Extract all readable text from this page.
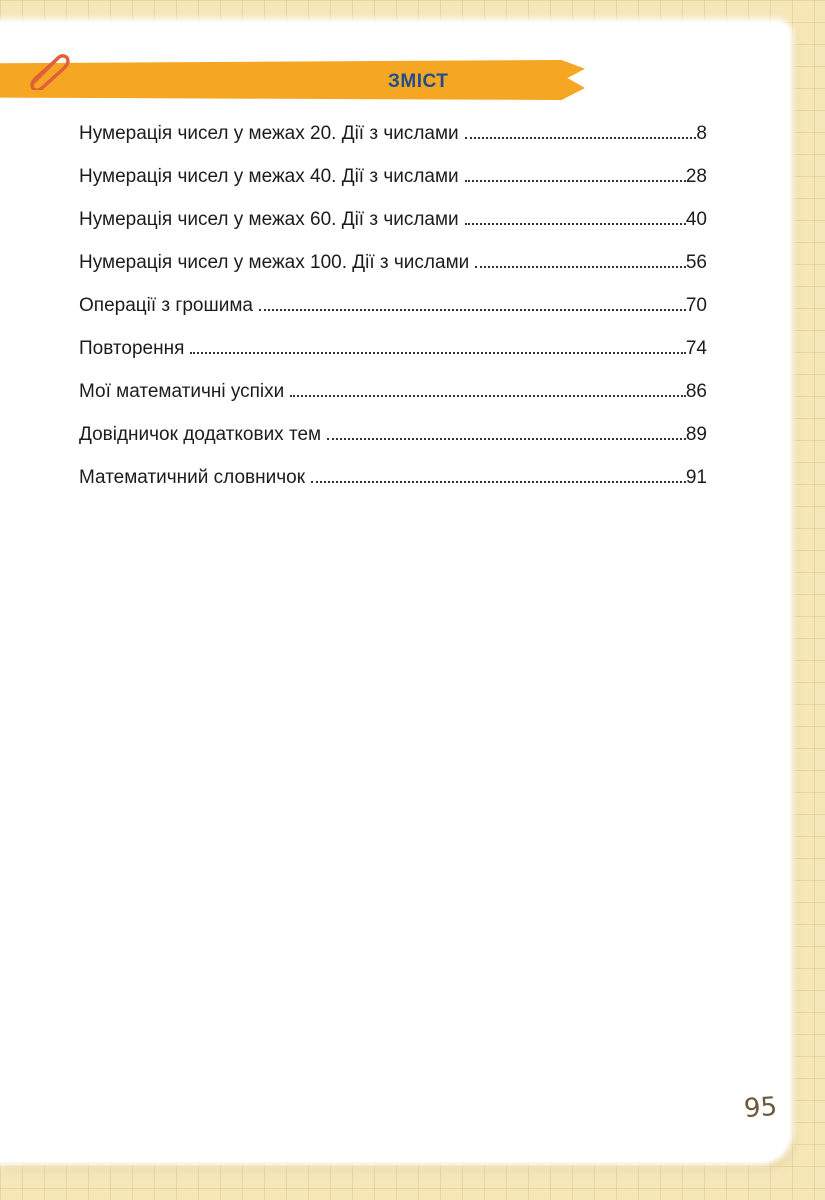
ЗМІСТ
Нумерація чисел у межах 20. Дії з числами	8
Нумерація чисел у межах 40. Дії з числами	28
Нумерація чисел у межах 60. Дії з числами	40
Нумерація чисел у межах 100. Дії з числами	56
Операції з грошима	70
Повторення	74
Мої математичні успіхи	86
Довідничок додаткових тем	89
Математичний словничок	91
95
